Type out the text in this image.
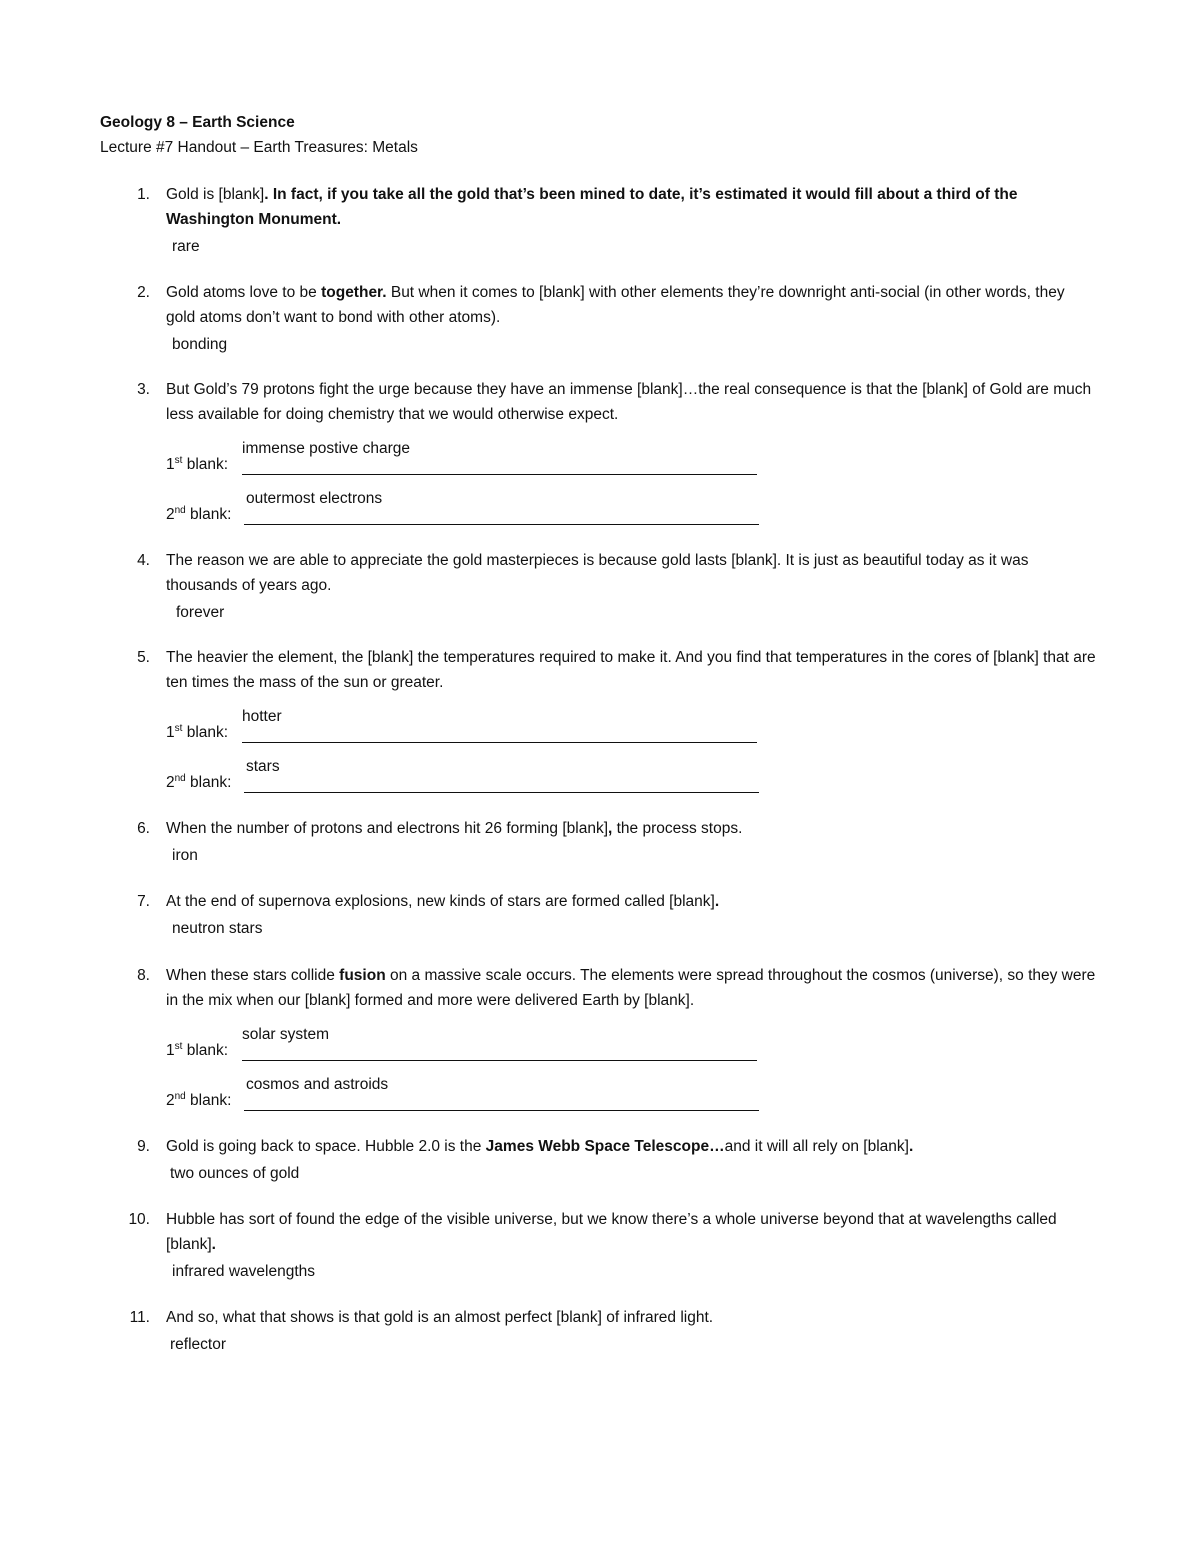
Geology 8 – Earth Science

Lecture #7 Handout – Earth Treasures: Metals

1. Gold is [blank]. In fact, if you take all the gold that’s been mined to date, it’s estimated it would fill about a third of the Washington Monument.
rare
2. Gold atoms love to be together. But when it comes to [blank] with other elements they’re downright anti-social (in other words, they gold atoms don’t want to bond with other atoms).
bonding
3. But Gold’s 79 protons fight the urge because they have an immense [blank]…the real consequence is that the [blank] of Gold are much less available for doing chemistry that we would otherwise expect.
1st blank:
immense postive charge
2nd blank:
outermost electrons
4. The reason we are able to appreciate the gold masterpieces is because gold lasts [blank]. It is just as beautiful today as it was thousands of years ago.
forever
5. The heavier the element, the [blank] the temperatures required to make it. And you find that temperatures in the cores of [blank] that are ten times the mass of the sun or greater.
1st blank:
hotter
2nd blank:
stars
6. When the number of protons and electrons hit 26 forming [blank], the process stops.
iron
7. At the end of supernova explosions, new kinds of stars are formed called [blank].
neutron stars
8. When these stars collide fusion on a massive scale occurs. The elements were spread throughout the cosmos (universe), so they were in the mix when our [blank] formed and more were delivered Earth by [blank].
1st blank:
solar system
2nd blank:
cosmos and astroids
9. Gold is going back to space. Hubble 2.0 is the James Webb Space Telescope…and it will all rely on [blank].
two ounces of gold
10. Hubble has sort of found the edge of the visible universe, but we know there’s a whole universe beyond that at wavelengths called [blank].
infrared wavelengths
11. And so, what that shows is that gold is an almost perfect [blank] of infrared light.
reflector
